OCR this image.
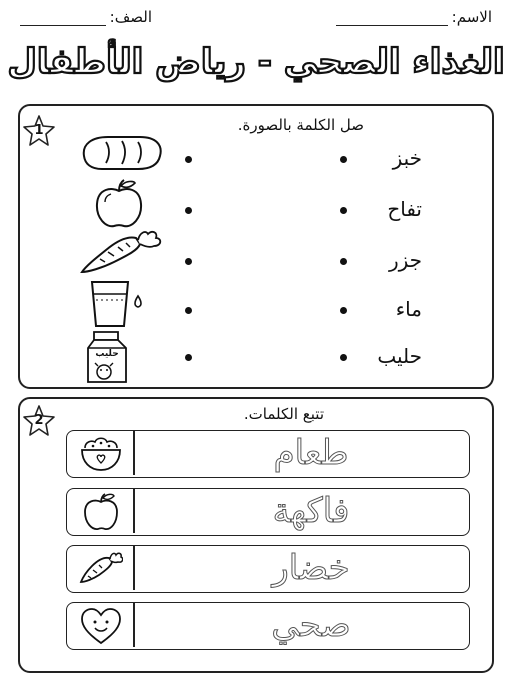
الاسم:
الصف:
الغذاء الصحي - رياض الأطفال
1	صل الكلمة بالصورة.
خبز
تفاح
جزر
ماء
حليب
حليب
2	تتبع الكلمات.
طعام
فاكهة
خضار
صحي
